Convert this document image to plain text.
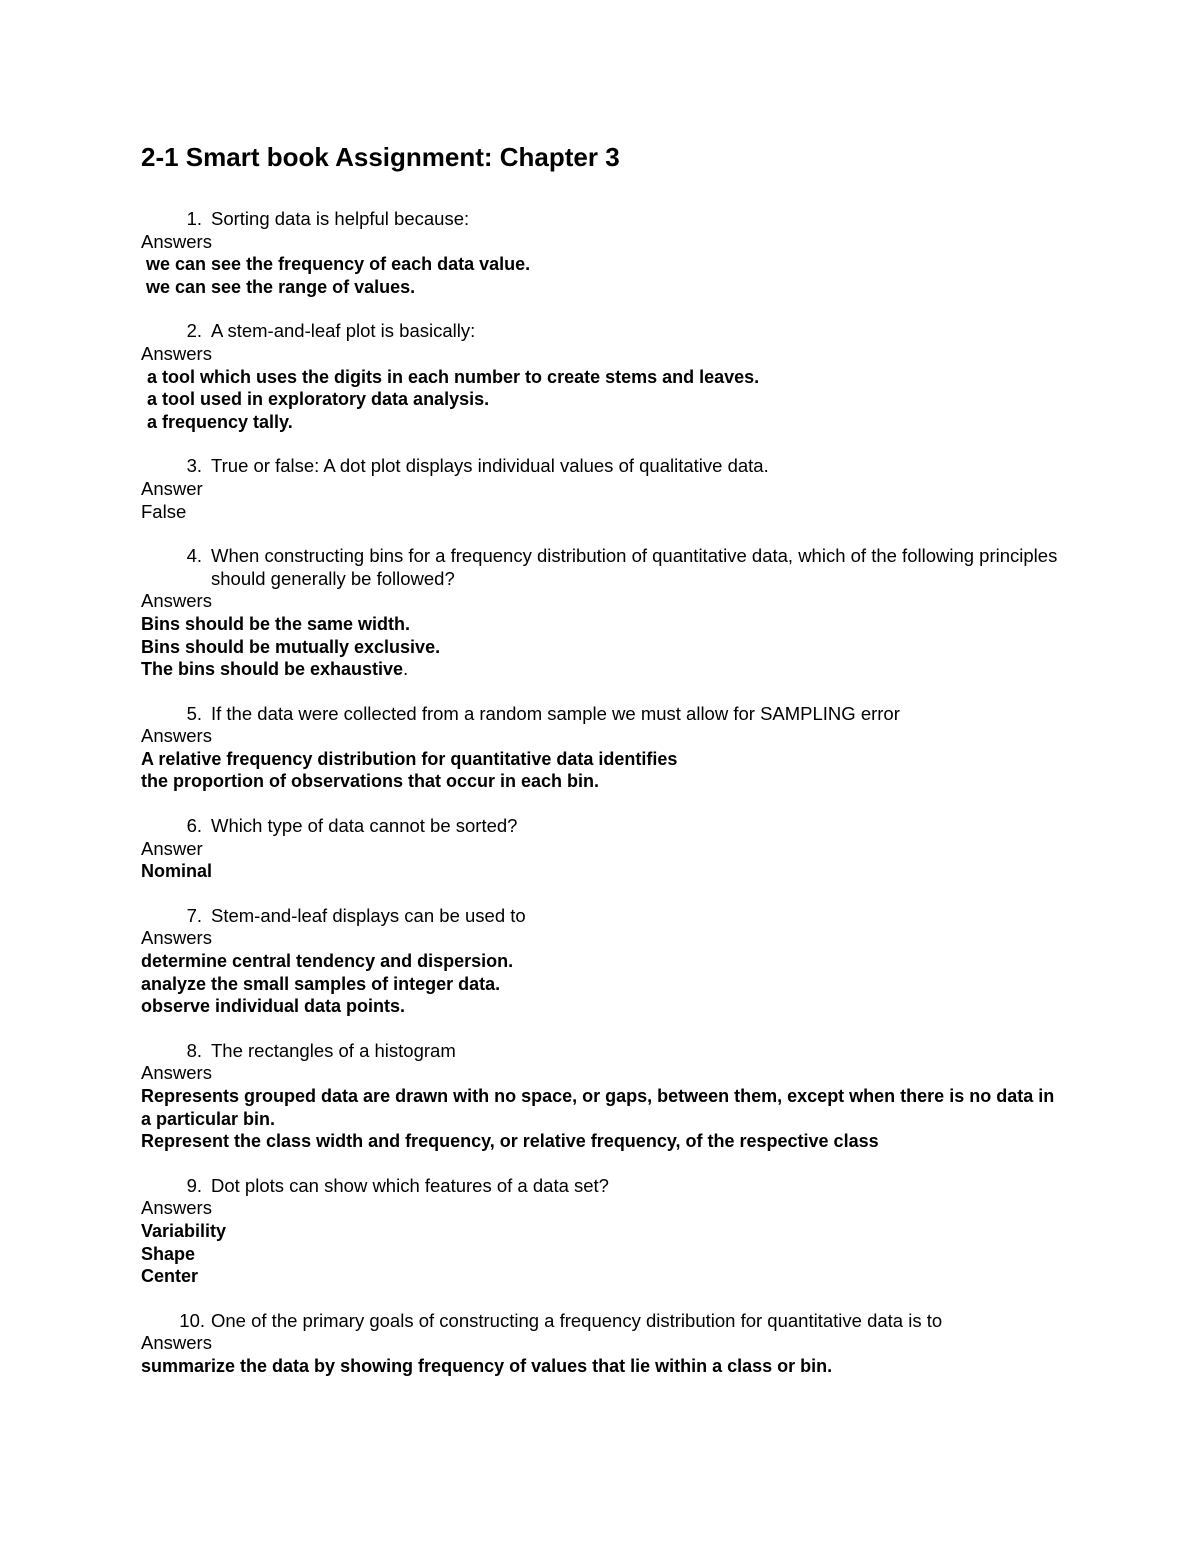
2-1 Smart book Assignment: Chapter 3
1. Sorting data is helpful because:
Answers
we can see the frequency of each data value.
we can see the range of values.
2. A stem-and-leaf plot is basically:
Answers
a tool which uses the digits in each number to create stems and leaves.
a tool used in exploratory data analysis.
a frequency tally.
3. True or false: A dot plot displays individual values of qualitative data.
Answer
False
4. When constructing bins for a frequency distribution of quantitative data, which of the following principles should generally be followed?
Answers
Bins should be the same width.
Bins should be mutually exclusive.
The bins should be exhaustive.
5. If the data were collected from a random sample we must allow for SAMPLING error
Answers
A relative frequency distribution for quantitative data identifies
the proportion of observations that occur in each bin.
6. Which type of data cannot be sorted?
Answer
Nominal
7. Stem-and-leaf displays can be used to
Answers
determine central tendency and dispersion.
analyze the small samples of integer data.
observe individual data points.
8. The rectangles of a histogram
Answers
Represents grouped data are drawn with no space, or gaps, between them, except when there is no data in a particular bin.
Represent the class width and frequency, or relative frequency, of the respective class
9. Dot plots can show which features of a data set?
Answers
Variability
Shape
Center
10. One of the primary goals of constructing a frequency distribution for quantitative data is to
Answers
summarize the data by showing frequency of values that lie within a class or bin.
